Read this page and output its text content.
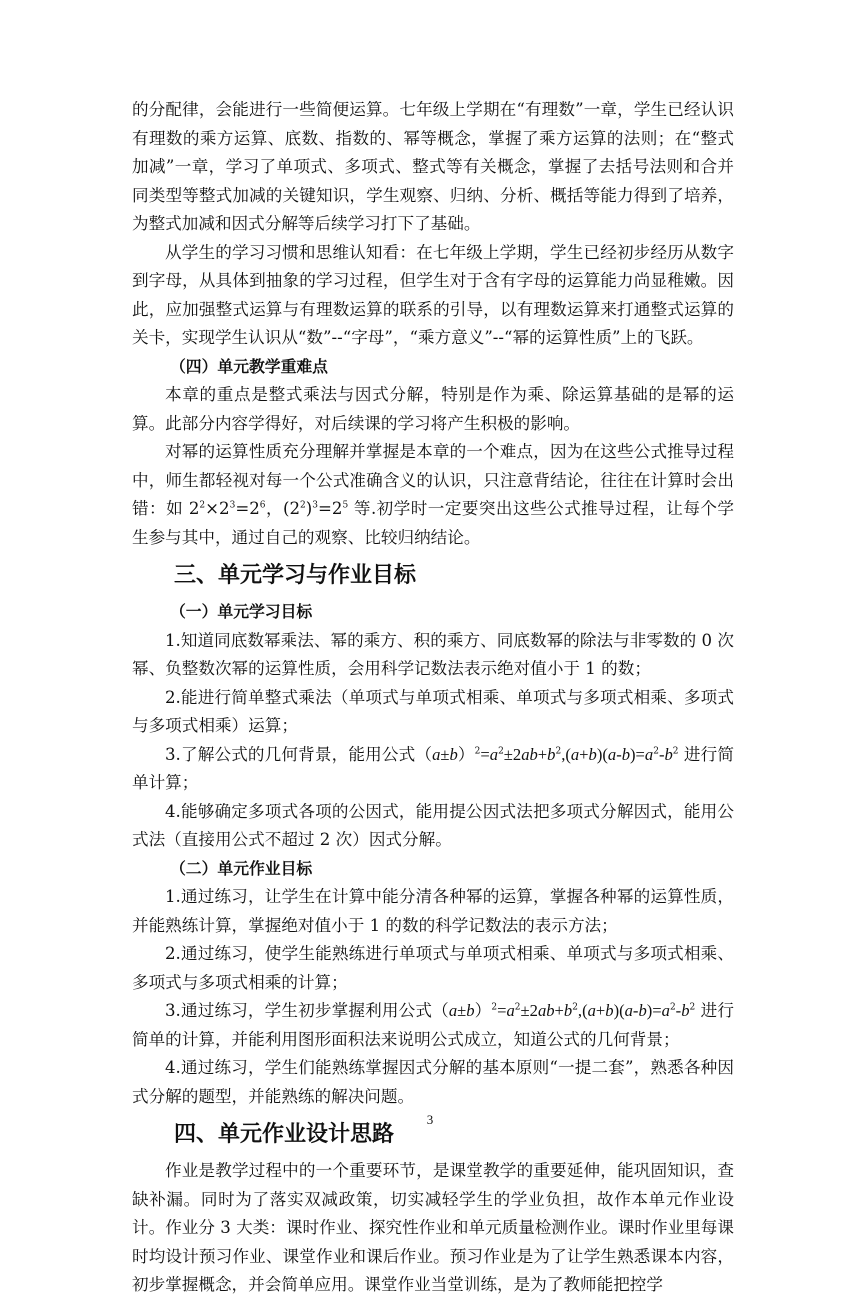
的分配律，会能进行一些简便运算。七年级上学期在“有理数”一章，学生已经认识有理数的乘方运算、底数、指数的、幂等概念，掌握了乘方运算的法则；在“整式加减”一章，学习了单项式、多项式、整式等有关概念，掌握了去括号法则和合并同类型等整式加减的关键知识，学生观察、归纳、分析、概括等能力得到了培养，为整式加减和因式分解等后续学习打下了基础。

从学生的学习习惯和思维认知看：在七年级上学期，学生已经初步经历从数字到字母，从具体到抽象的学习过程，但学生对于含有字母的运算能力尚显稚嫩。因此，应加强整式运算与有理数运算的联系的引导，以有理数运算来打通整式运算的关卡，实现学生认识从“数”--“字母”，“乘方意义”--“幂的运算性质”上的飞跃。

（四）单元教学重难点

本章的重点是整式乘法与因式分解，特别是作为乘、除运算基础的是幂的运算。此部分内容学得好，对后续课的学习将产生积极的影响。

对幂的运算性质充分理解并掌握是本章的一个难点，因为在这些公式推导过程中，师生都轻视对每一个公式准确含义的认识，只注意背结论，往往在计算时会出错：如 $2^2\times 2^3=2^6$，$(2^2)^3=2^5$ 等.初学时一定要突出这些公式推导过程，让每个学生参与其中，通过自己的观察、比较归纳结论。

三、单元学习与作业目标
（一）单元学习目标

1.知道同底数幂乘法、幂的乘方、积的乘方、同底数幂的除法与非零数的 0 次幂、负整数次幂的运算性质，会用科学记数法表示绝对值小于 1 的数；

2.能进行简单整式乘法（单项式与单项式相乘、单项式与多项式相乘、多项式与多项式相乘）运算；

3.了解公式的几何背景，能用公式$(a\pm b)^2=a^2\pm 2ab+b^2,(a+b)(a-b)=a^2-b^2$ 进行简单计算；

4.能够确定多项式各项的公因式，能用提公因式法把多项式分解因式，能用公式法（直接用公式不超过 2 次）因式分解。

（二）单元作业目标

1.通过练习，让学生在计算中能分清各种幂的运算，掌握各种幂的运算性质，并能熟练计算，掌握绝对值小于 1 的数的科学记数法的表示方法；

2.通过练习，使学生能熟练进行单项式与单项式相乘、单项式与多项式相乘、多项式与多项式相乘的计算；

3.通过练习，学生初步掌握利用公式$(a\pm b)^2=a^2\pm 2ab+b^2,(a+b)(a-b)=a^2-b^2$ 进行简单的计算，并能利用图形面积法来说明公式成立，知道公式的几何背景；

4.通过练习，学生们能熟练掌握因式分解的基本原则“一提二套”，熟悉各种因式分解的题型，并能熟练的解决问题。

四、单元作业设计思路

作业是教学过程中的一个重要环节，是课堂教学的重要延伸，能巩固知识，查缺补漏。同时为了落实双减政策，切实减轻学生的学业负担，故作本单元作业设计。作业分 3 大类：课时作业、探究性作业和单元质量检测作业。课时作业里每课时均设计预习作业、课堂作业和课后作业。预习作业是为了让学生熟悉课本内容，初步掌握概念，并会简单应用。课堂作业当堂训练，是为了教师能把控学

3
